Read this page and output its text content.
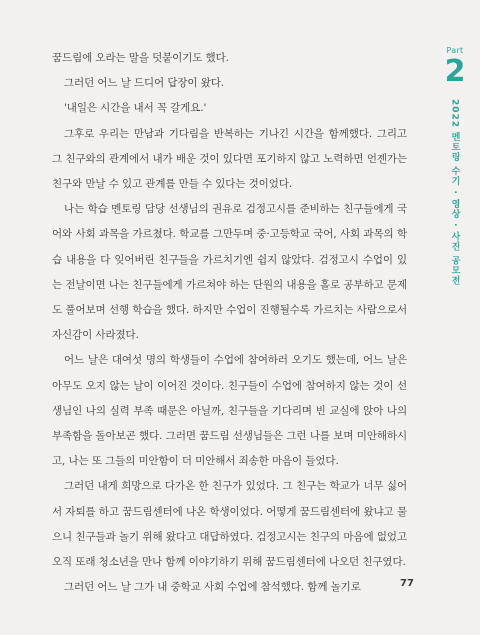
꿈드림에 오라는 말을 덧붙이기도 했다.

그러던 어느 날 드디어 답장이 왔다.

'내일은 시간을 내서 꼭 갈게요.'

그후로 우리는 만남과 기다림을 반복하는 기나긴 시간을 함께했다. 그리고 그 친구와의 관계에서 내가 배운 것이 있다면 포기하지 않고 노력하면 언젠가는 친구와 만날 수 있고 관계를 만들 수 있다는 것이었다.

나는 학습 멘토링 담당 선생님의 권유로 검정고시를 준비하는 친구들에게 국어와 사회 과목을 가르쳤다. 학교를 그만두며 중·고등학교 국어, 사회 과목의 학습 내용을 다 잊어버린 친구들을 가르치기엔 쉽지 않았다. 검정고시 수업이 있는 전날이면 나는 친구들에게 가르쳐야 하는 단원의 내용을 홀로 공부하고 문제도 풀어보며 선행 학습을 했다. 하지만 수업이 진행될수록 가르치는 사람으로서 자신감이 사라졌다.

어느 날은 대여섯 명의 학생들이 수업에 참여하러 오기도 했는데, 어느 날은 아무도 오지 않는 날이 이어진 것이다. 친구들이 수업에 참여하지 않는 것이 선생님인 나의 실력 부족 때문은 아닐까, 친구들을 기다리며 빈 교실에 앉아 나의 부족함을 돌아보곤 했다. 그러면 꿈드림 선생님들은 그런 나를 보며 미안해하시고, 나는 또 그들의 미안함이 더 미안해서 죄송한 마음이 들었다.

그러던 내게 희망으로 다가온 한 친구가 있었다. 그 친구는 학교가 너무 싫어서 자퇴를 하고 꿈드림센터에 나온 학생이었다. 어떻게 꿈드림센터에 왔냐고 물으니 친구들과 놀기 위해 왔다고 대답하였다. 검정고시는 친구의 마음에 없었고 오직 또래 청소년을 만나 함께 이야기하기 위해 꿈드림센터에 나오던 친구였다.

그러던 어느 날 그가 내 중학교 사회 수업에 참석했다. 함께 놀기로

Part
2
2022 멘토링 수기 · 영상 · 사진 공모전
77
